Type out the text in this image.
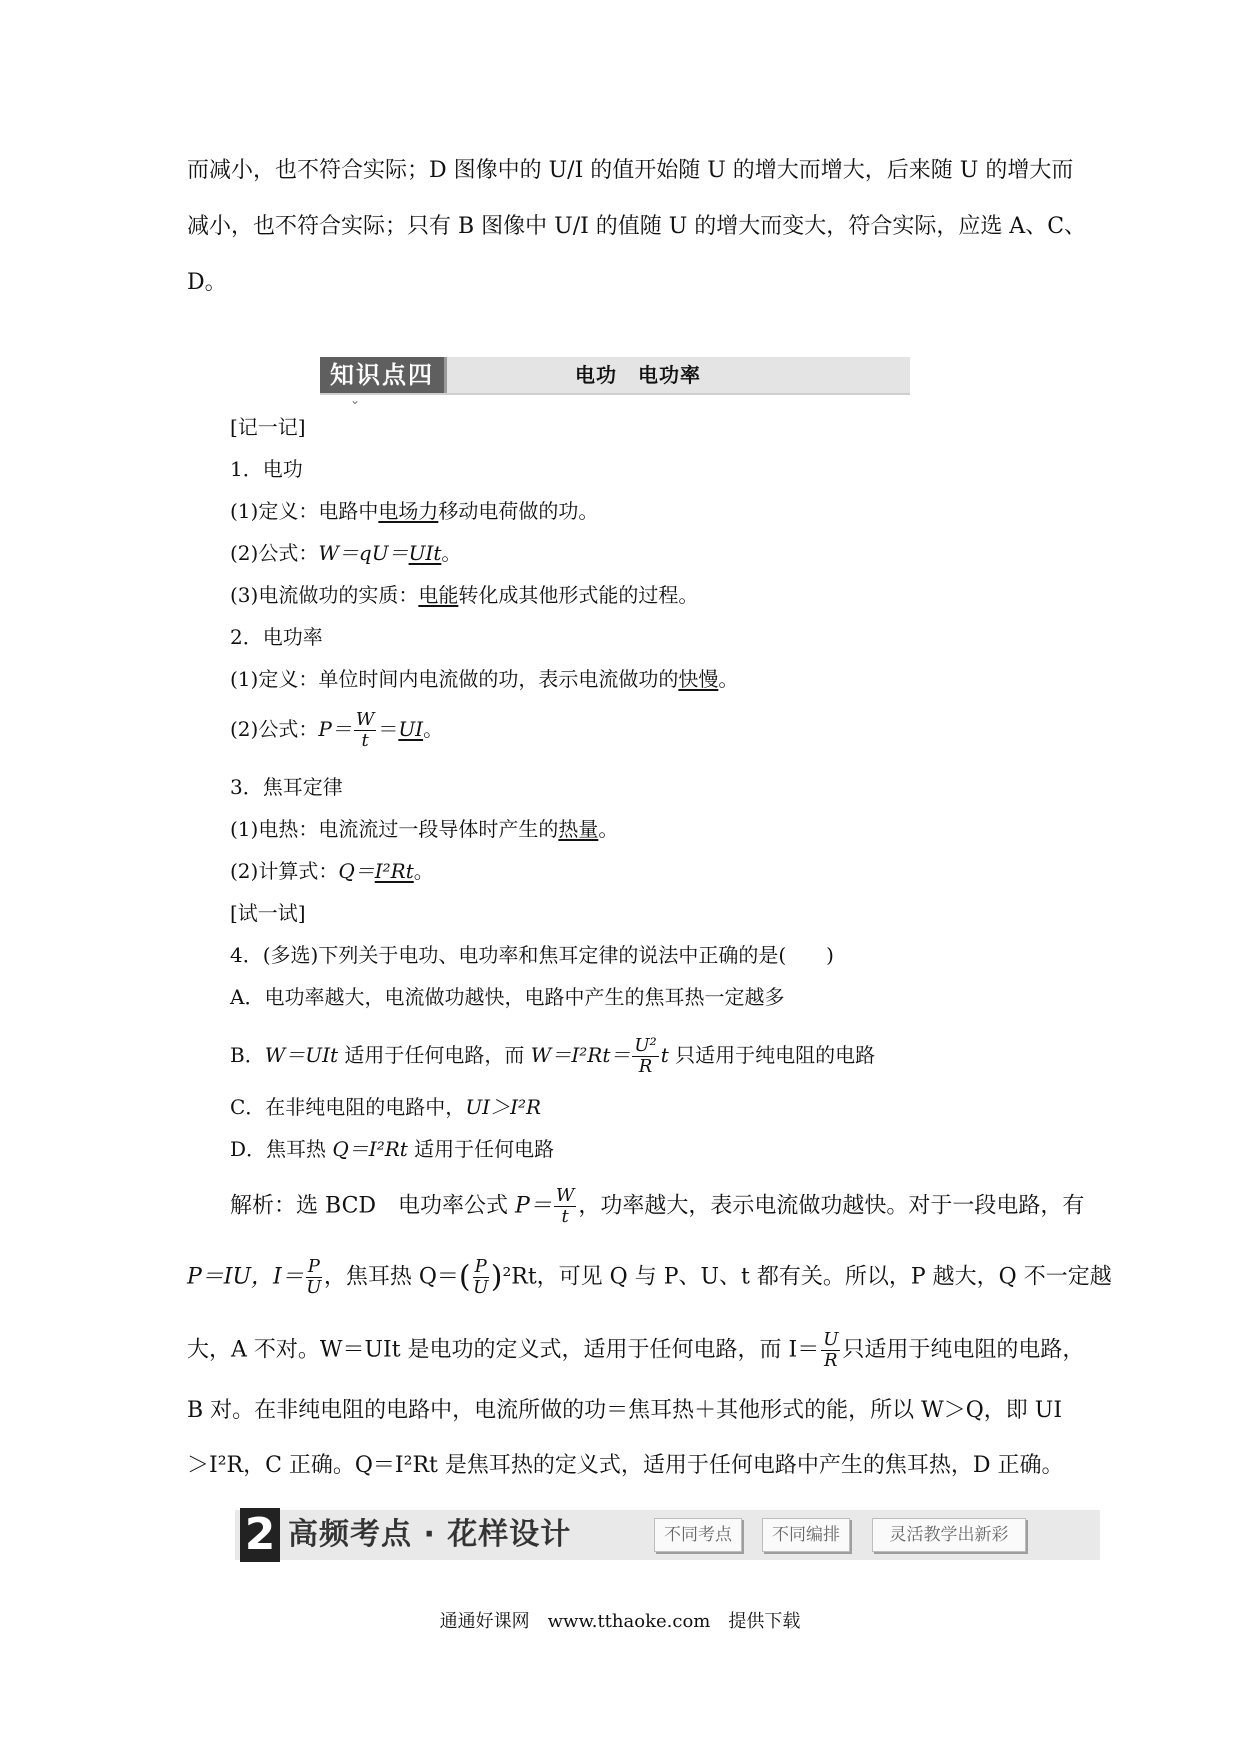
而减小，也不符合实际；D 图像中的 U/I 的值开始随 U 的增大而增大，后来随 U 的增大而
减小，也不符合实际；只有 B 图像中 U/I 的值随 U 的增大而变大，符合实际，应选 A、C、
D。
知识点四
⌄
电功　电功率
[记一记]
1．电功
(1)定义：电路中电场力移动电荷做的功。
(2)公式：W＝qU＝UIt。
(3)电流做功的实质：电能转化成其他形式能的过程。
2．电功率
(1)定义：单位时间内电流做的功，表示电流做功的快慢。
(2)公式：$P= \frac{W}{t} =UI$。
3．焦耳定律
(1)电热：电流流过一段导体时产生的热量。
(2)计算式：Q＝I²Rt。
[试一试]
4．(多选)下列关于电功、电功率和焦耳定律的说法中正确的是(　　)
A．电功率越大，电流做功越快，电路中产生的焦耳热一定越多
B．W＝UIt 适用于任何电路，而 $W=I^2Rt= \frac{\text{U²}}{R}$ t 只适用于纯电阻的电路
C．在非纯电阻的电路中，UI＞I²R
D．焦耳热 Q＝I²Rt 适用于任何电路
解析：选 BCD　电功率公式 $P= \frac{W}{t}$ ，功率越大，表示电流做功越快。对于一段电路，有
P＝IU，$I= \frac{P}{U}$ ，焦耳热 $Q=( \frac{P}{U} )^2Rt$，可见 Q 与 P、U、t 都有关。所以，P 越大，Q 不一定越
大，A 不对。W＝UIt 是电功的定义式，适用于任何电路，而 $I= \frac{U}{R}$ 只适用于纯电阻的电路，
B 对。在非纯电阻的电路中，电流所做的功＝焦耳热＋其他形式的能，所以 W＞Q，即 UI
＞I²R，C 正确。Q＝I²Rt 是焦耳热的定义式，适用于任何电路中产生的焦耳热，D 正确。
2 高频考点 · 花样设计	不同考点	不同编排	灵活教学出新彩
通通好课网　www.tthaoke.com　提供下载
